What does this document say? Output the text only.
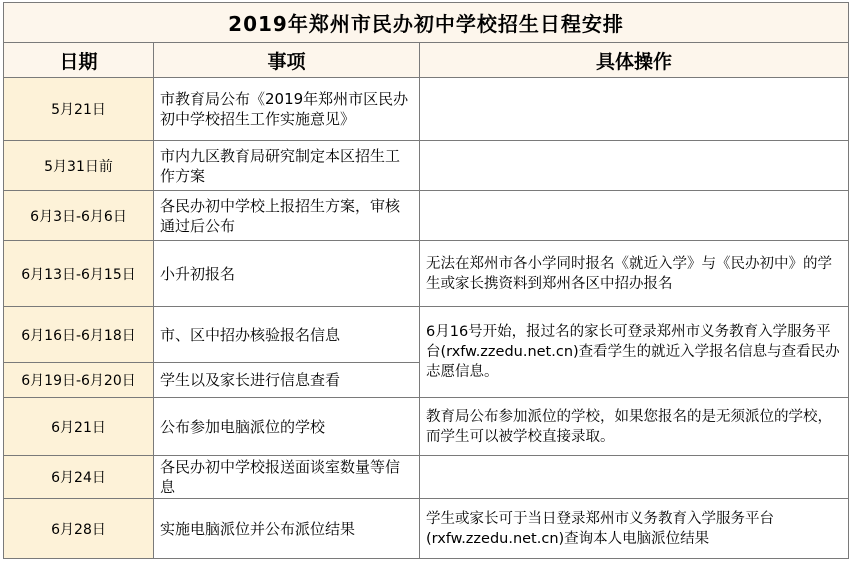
2019年郑州市民办初中学校招生日程安排		
日期	事项	具体操作
5月21日	市教育局公布《2019年郑州市区民办初中学校招生工作实施意见》	
5月31日前	市内九区教育局研究制定本区招生工作方案	
6月3日-6月6日	各民办初中学校上报招生方案，审核通过后公布	
6月13日-6月15日	小升初报名	无法在郑州市各小学同时报名《就近入学》与《民办初中》的学生或家长携资料到郑州各区中招办报名
6月16日-6月18日	市、区中招办核验报名信息	6月16号开始，报过名的家长可登录郑州市义务教育入学服务平台(rxfw.zzedu.net.cn)查看学生的就近入学报名信息与查看民办志愿信息。
6月19日-6月20日	学生以及家长进行信息查看	
6月21日	公布参加电脑派位的学校	教育局公布参加派位的学校，如果您报名的是无须派位的学校，而学生可以被学校直接录取。
6月24日	各民办初中学校报送面谈室数量等信息	
6月28日	实施电脑派位并公布派位结果	学生或家长可于当日登录郑州市义务教育入学服务平台(rxfw.zzedu.net.cn)查询本人电脑派位结果
